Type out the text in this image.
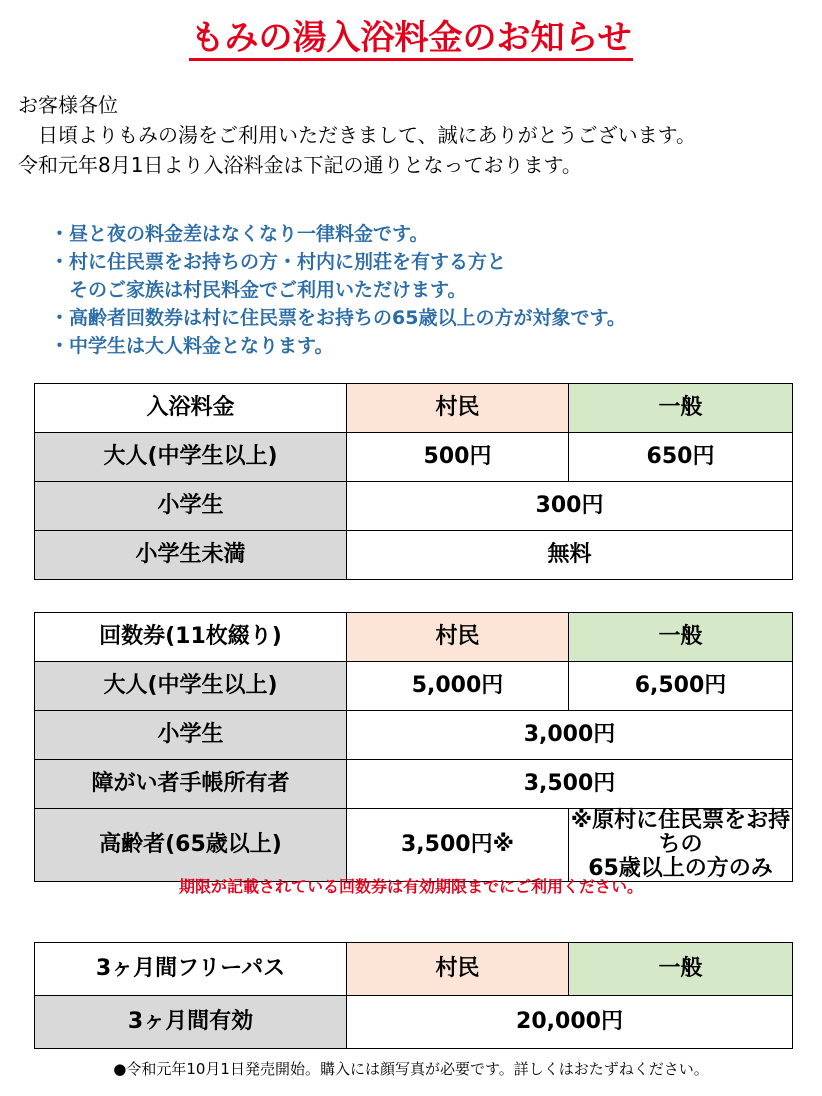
もみの湯入浴料金のお知らせ
お客様各位
　日頃よりもみの湯をご利用いただきまして、誠にありがとうございます。
令和元年8月1日より入浴料金は下記の通りとなっております。
・昼と夜の料金差はなくなり一律料金です。
・村に住民票をお持ちの方・村内に別荘を有する方と
　そのご家族は村民料金でご利用いただけます。
・高齢者回数券は村に住民票をお持ちの65歳以上の方が対象です。
・中学生は大人料金となります。
入浴料金	村民	一般
大人(中学生以上)	500円	650円
小学生	300円	
小学生未満	無料	
回数券(11枚綴り)	村民	一般
大人(中学生以上)	5,000円	6,500円
小学生	3,000円	
障がい者手帳所有者	3,500円	
高齢者(65歳以上)	3,500円※	※原村に住民票をお持ちの
65歳以上の方のみ
期限が記載されている回数券は有効期限までにご利用ください。
3ヶ月間フリーパス	村民	一般
3ヶ月間有効	20,000円	
●令和元年10月1日発売開始。購入には顔写真が必要です。詳しくはおたずねください。
